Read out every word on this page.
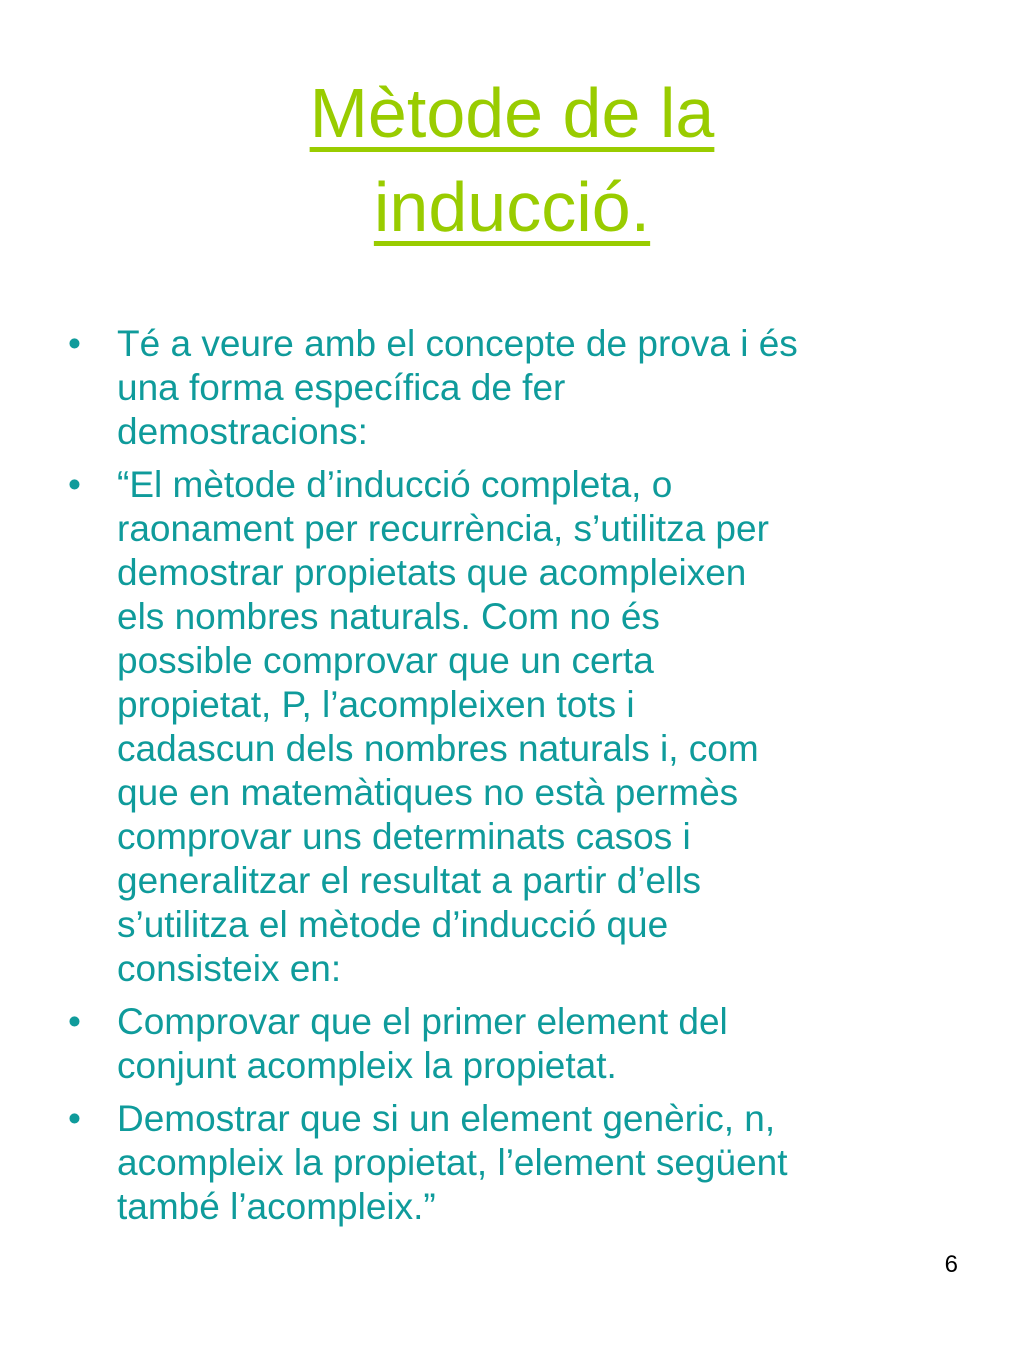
Mètode de la
inducció.
• Té a veure amb el concepte de prova i és
una forma específica de fer
demostracions:
• “El mètode d’inducció completa, o
raonament per recurrència, s’utilitza per
demostrar propietats que acompleixen
els nombres naturals. Com no és
possible comprovar que un certa
propietat, P, l’acompleixen tots i
cadascun dels nombres naturals i, com
que en matemàtiques no està permès
comprovar uns determinats casos i
generalitzar el resultat a partir d’ells
s’utilitza el mètode d’inducció que
consisteix en:
• Comprovar que el primer element del
conjunt acompleix la propietat.
• Demostrar que si un element genèric, n,
acompleix la propietat, l’element següent
també l’acompleix.”
6
